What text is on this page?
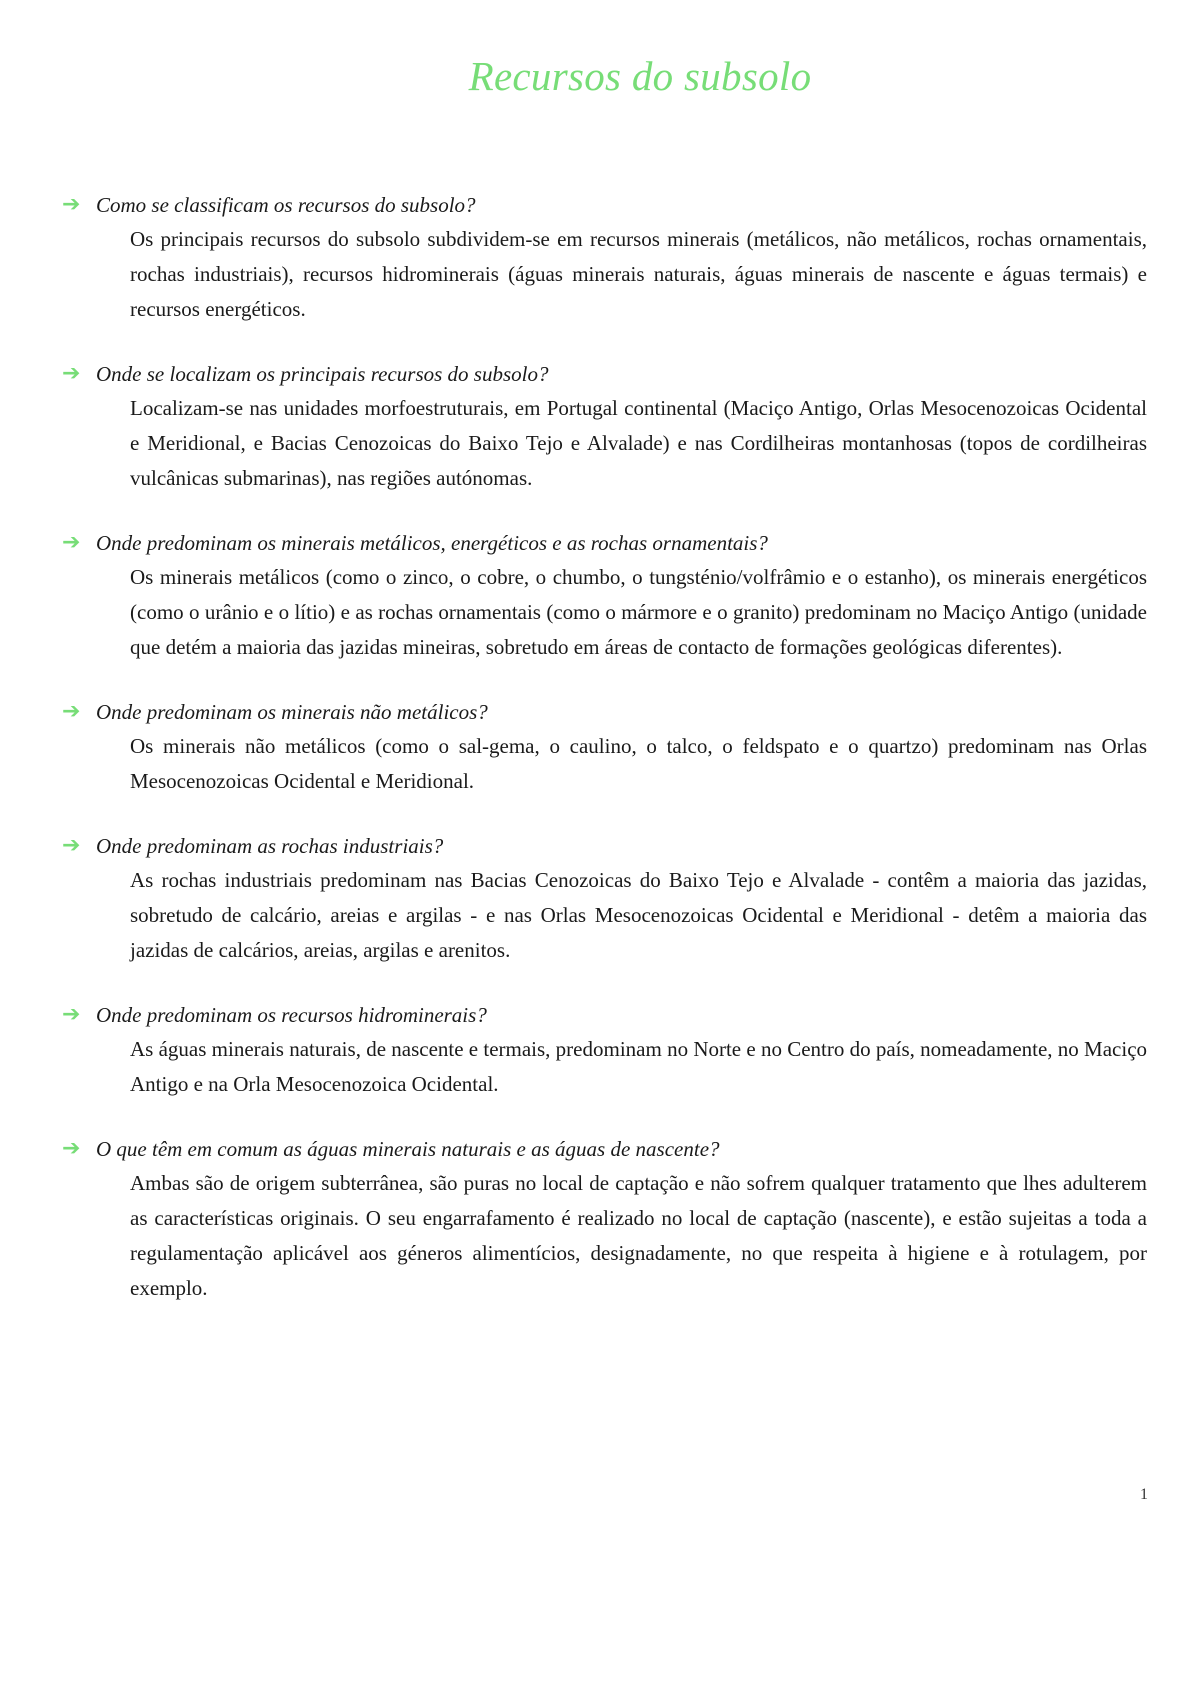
Recursos do subsolo
➔ Como se classificam os recursos do subsolo?

Os principais recursos do subsolo subdividem-se em recursos minerais (metálicos, não metálicos, rochas ornamentais, rochas industriais), recursos hidrominerais (águas minerais naturais, águas minerais de nascente e águas termais) e recursos energéticos.

➔ Onde se localizam os principais recursos do subsolo?

Localizam-se nas unidades morfoestruturais, em Portugal continental (Maciço Antigo, Orlas Mesocenozoicas Ocidental e Meridional, e Bacias Cenozoicas do Baixo Tejo e Alvalade) e nas Cordilheiras montanhosas (topos de cordilheiras vulcânicas submarinas), nas regiões autónomas.

➔ Onde predominam os minerais metálicos, energéticos e as rochas ornamentais?

Os minerais metálicos (como o zinco, o cobre, o chumbo, o tungsténio/volfrâmio e o estanho), os minerais energéticos (como o urânio e o lítio) e as rochas ornamentais (como o mármore e o granito) predominam no Maciço Antigo (unidade que detém a maioria das jazidas mineiras, sobretudo em áreas de contacto de formações geológicas diferentes).

➔ Onde predominam os minerais não metálicos?

Os minerais não metálicos (como o sal-gema, o caulino, o talco, o feldspato e o quartzo) predominam nas Orlas Mesocenozoicas Ocidental e Meridional.

➔ Onde predominam as rochas industriais?

As rochas industriais predominam nas Bacias Cenozoicas do Baixo Tejo e Alvalade - contêm a maioria das jazidas, sobretudo de calcário, areias e argilas - e nas Orlas Mesocenozoicas Ocidental e Meridional - detêm a maioria das jazidas de calcários, areias, argilas e arenitos.

➔ Onde predominam os recursos hidrominerais?

As águas minerais naturais, de nascente e termais, predominam no Norte e no Centro do país, nomeadamente, no Maciço Antigo e na Orla Mesocenozoica Ocidental.

➔ O que têm em comum as águas minerais naturais e as águas de nascente?

Ambas são de origem subterrânea, são puras no local de captação e não sofrem qualquer tratamento que lhes adulterem as características originais. O seu engarrafamento é realizado no local de captação (nascente), e estão sujeitas a toda a regulamentação aplicável aos géneros alimentícios, designadamente, no que respeita à higiene e à rotulagem, por exemplo.

1
